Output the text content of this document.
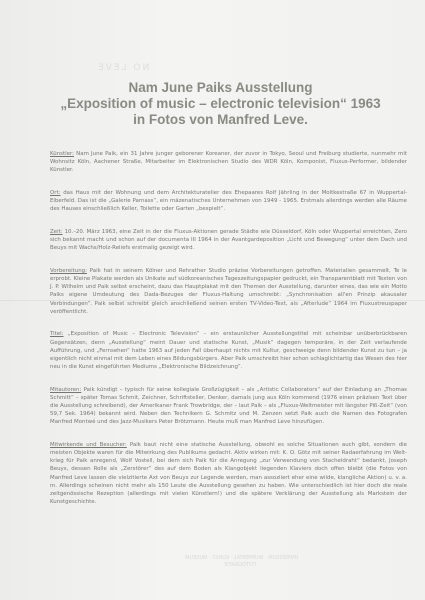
NO LEVE
IMPRESSUM · WUPPERTAL · KUNST · MUSEUM · FOTOGRAFIE
Nam June Paiks Ausstellung
„Exposition of music – electronic television“ 1963
in Fotos von Manfred Leve.

Künstler: Nam June Paik, ein 31 Jahre junger geborener Koreaner, der zuvor in Tokyo, Seoul und Freiburg studierte, nunmehr mit Wohnsitz Köln, Aachener Straße, Mitarbeiter im Elektronischen Studio des WDR Köln, Komponist, Fluxus-Performer, bildender Künstler.

Ort: das Haus mit der Wohnung und dem Architekturatelier des Ehepaares Rolf Jährling in der Moltkestraße 67 in Wuppertal-Elberfeld. Das ist die „Galerie Parnass“, ein mäzenatisches Unternehmen von 1949 - 1965. Erstmals allerdings werden alle Räume des Hauses einschließlich Keller, Toilette oder Garten „bespielt“.

Zeit: 10.–20. März 1963, eine Zeit in der die Fluxus-Aktionen gerade Städte wie Düsseldorf, Köln oder Wuppertal erreichten, Zero sich bekannt macht und schon auf der documenta III 1964 in der Avantgardeposition „Licht und Bewegung“ unter dem Dach und Beuys mit Wachs/Holz-Reliefs erstmalig gezeigt wird.

Vorbereitung: Paik hat in seinem Kölner und Rehrather Studio präzise Vorbereitungen getroffen. Materialien gesammelt, Te le erprobt. Kleine Plakate werden als Unikate auf südkoreanisches Tageszeitungspapier gedruckt, ein Transparentblatt mit Texten von J. P. Wilhelm und Paik selbst erscheint, dazu das Hauptplakat mit den Themen der Ausstellung, darunter eines, das wie ein Motto Paiks eigene Umdeutung des Dada-Bezuges der Fluxus-Haltung umschreibt: „Synchronisation all'en Prinzip akausaler Verbindungen“. Paik selbst schreibt gleich anschließend seinen ersten TV-Video-Text, als „Afterlude“ 1964 im Fluxustreuspaper veröffentlicht.

Titel: „Exposition of Music – Electronic Television“ – ein erstaunlicher Ausstellungstitel mit scheinbar unüberbrückbaren Gegensätzen, denn „Ausstellung“ meint Dauer und statische Kunst, „Musik“ dagegen temporäre, in der Zeit verlaufende Aufführung, und „Fernsehen“ hatte 1963 auf jeden Fall überhaupt nichts mit Kultur, geschweige denn bildender Kunst zu tun – ja eigentlich nicht einmal mit dem Leben eines Bildungsbürgers. Aber Paik umschreibt hier schon schlaglichtartig das Wesen des hier neu in die Kunst eingeführten Mediums „Elektronische Bildzeichnung“.

Mitautoren: Paik kündigt – typisch für seine kollegiale Großzügigkeit – als „Artistic Collaborators“ auf der Einladung an „Thomas Schmitt“ – später Tomas Schmit, Zeichner, Schriftsteller, Denker, damals jung aus Köln kommend (1976 einen präzisen Text über die Ausstellung schreibend), der Amerikaner Frank Trowbridge, der – laut Paik – als „Fluxus-Weltmeister mit längster Piß-Zeit“ (von 59,7 Sek. 1964) bekannt wird. Neben den Technikern G. Schmitz und M. Zenzen setzt Paik auch die Namen des Fotografen Manfred Montwé und des Jazz-Musikers Peter Brötzmann. Heute muß man Manfred Leve hinzufügen.

Mitwirkende und Besucher: Paik baut nicht eine statische Ausstellung, obwohl es solche Situationen auch gibt, sondern die meisten Objekte waren für die Mitwirkung des Publikums gedacht. Aktiv wirken mit: K. O. Götz mit seiner Radaerfahrung im Weltkrieg für Paik anregend, Wolf Vostell, bei dem sich Paik für die Anregung „zur Verwendung von Stacheldraht“ bedankt, Joseph Beuys, dessen Rolle als „Zerstörer“ des auf dem Boden als Klangobjekt liegenden Klaviers doch offen bleibt (die Fotos von Manfred Leve lassen die vielzitierte Axt von Beuys zur Legende werden, man assoziiert eher eine wilde, klangliche Aktion) u. v. a. m. Allerdings scheinen nicht mehr als 150 Leute die Ausstellung gesehen zu haben. Wie unterschiedlich ist hier doch die reale zeitgenössische Rezeption (allerdings mit vielen Künstlern!) und die spätere Verklärung der Ausstellung als Markstein der Kunstgeschichte.
